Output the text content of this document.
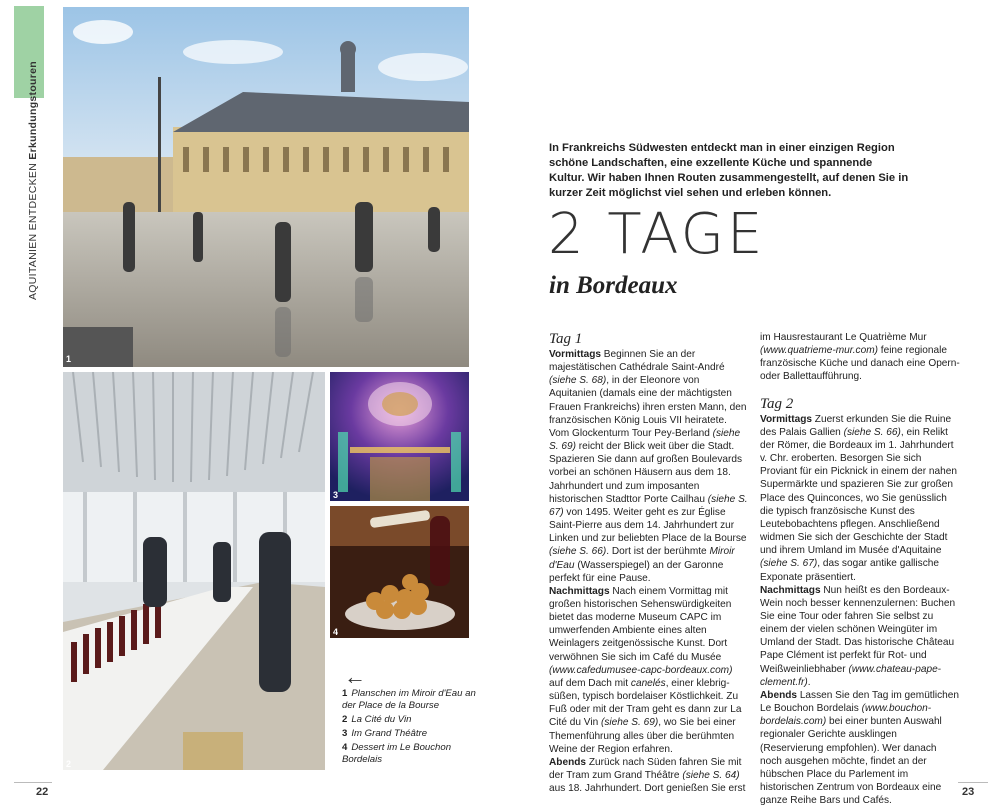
AQUITANIEN ENTDECKEN Erkundungstouren
1
2
3
4
←
1 Planschen im Miroir d'Eau an der Place de la Bourse
2 La Cité du Vin
3 Im Grand Théâtre
4 Dessert im Le Bouchon Bordelais
22
In Frankreichs Südwesten entdeckt man in einer einzigen Region schöne Landschaften, eine exzellente Küche und spannende Kultur. Wir haben Ihnen Routen zusammengestellt, auf denen Sie in kurzer Zeit möglichst viel sehen und erleben können.
2 TAGE
in Bordeaux
Tag 1

Vormittags Beginnen Sie an der majestätischen Cathédrale Saint-André (siehe S. 68), in der Eleonore von Aquitanien (damals eine der mächtigsten Frauen Frankreichs) ihren ersten Mann, den französischen König Louis VII heiratete. Vom Glockenturm Tour Pey-Berland (siehe S. 69) reicht der Blick weit über die Stadt. Spazieren Sie dann auf großen Boulevards vorbei an schönen Häusern aus dem 18. Jahrhundert und zum imposanten historischen Stadttor Porte Cailhau (siehe S. 67) von 1495. Weiter geht es zur Église Saint-Pierre aus dem 14. Jahrhundert zur Linken und zur beliebten Place de la Bourse (siehe S. 66). Dort ist der berühmte Miroir d'Eau (Wasserspiegel) an der Garonne perfekt für eine Pause.

Nachmittags Nach einem Vormittag mit großen historischen Sehenswürdigkeiten bietet das moderne Museum CAPC im umwerfenden Ambiente eines alten Weinlagers zeitgenössische Kunst. Dort verwöhnen Sie sich im Café du Musée (www.cafedumusee-capc-bordeaux.com) auf dem Dach mit canelés, einer klebrig-süßen, typisch bordelaiser Köstlichkeit. Zu Fuß oder mit der Tram geht es dann zur La Cité du Vin (siehe S. 69), wo Sie bei einer Themenführung alles über die berühmten Weine der Region erfahren.

Abends Zurück nach Süden fahren Sie mit der Tram zum Grand Théâtre (siehe S. 64) aus 18. Jahrhundert. Dort genießen Sie erst

im Hausrestaurant Le Quatrième Mur (www.quatrieme-mur.com) feine regionale französische Küche und danach eine Opern- oder Ballettaufführung.

Tag 2

Vormittags Zuerst erkunden Sie die Ruine des Palais Gallien (siehe S. 66), ein Relikt der Römer, die Bordeaux im 1. Jahrhundert v. Chr. eroberten. Besorgen Sie sich Proviant für ein Picknick in einem der nahen Supermärkte und spazieren Sie zur großen Place des Quinconces, wo Sie genüsslich die typisch französische Kunst des Leutebobachtens pflegen. Anschließend widmen Sie sich der Geschichte der Stadt und ihrem Umland im Musée d'Aquitaine (siehe S. 67), das sogar antike gallische Exponate präsentiert.

Nachmittags Nun heißt es den Bordeaux-Wein noch besser kennenzulernen: Buchen Sie eine Tour oder fahren Sie selbst zu einem der vielen schönen Weingüter im Umland der Stadt. Das historische Château Pape Clément ist perfekt für Rot- und Weißweinliebhaber (www.chateau-pape-clement.fr).

Abends Lassen Sie den Tag im gemütlichen Le Bouchon Bordelais (www.bouchon-bordelais.com) bei einer bunten Auswahl regionaler Gerichte ausklingen (Reservierung empfohlen). Wer danach noch ausgehen möchte, findet an der hübschen Place du Parlement im historischen Zentrum von Bordeaux eine ganze Reihe Bars und Cafés.

23
